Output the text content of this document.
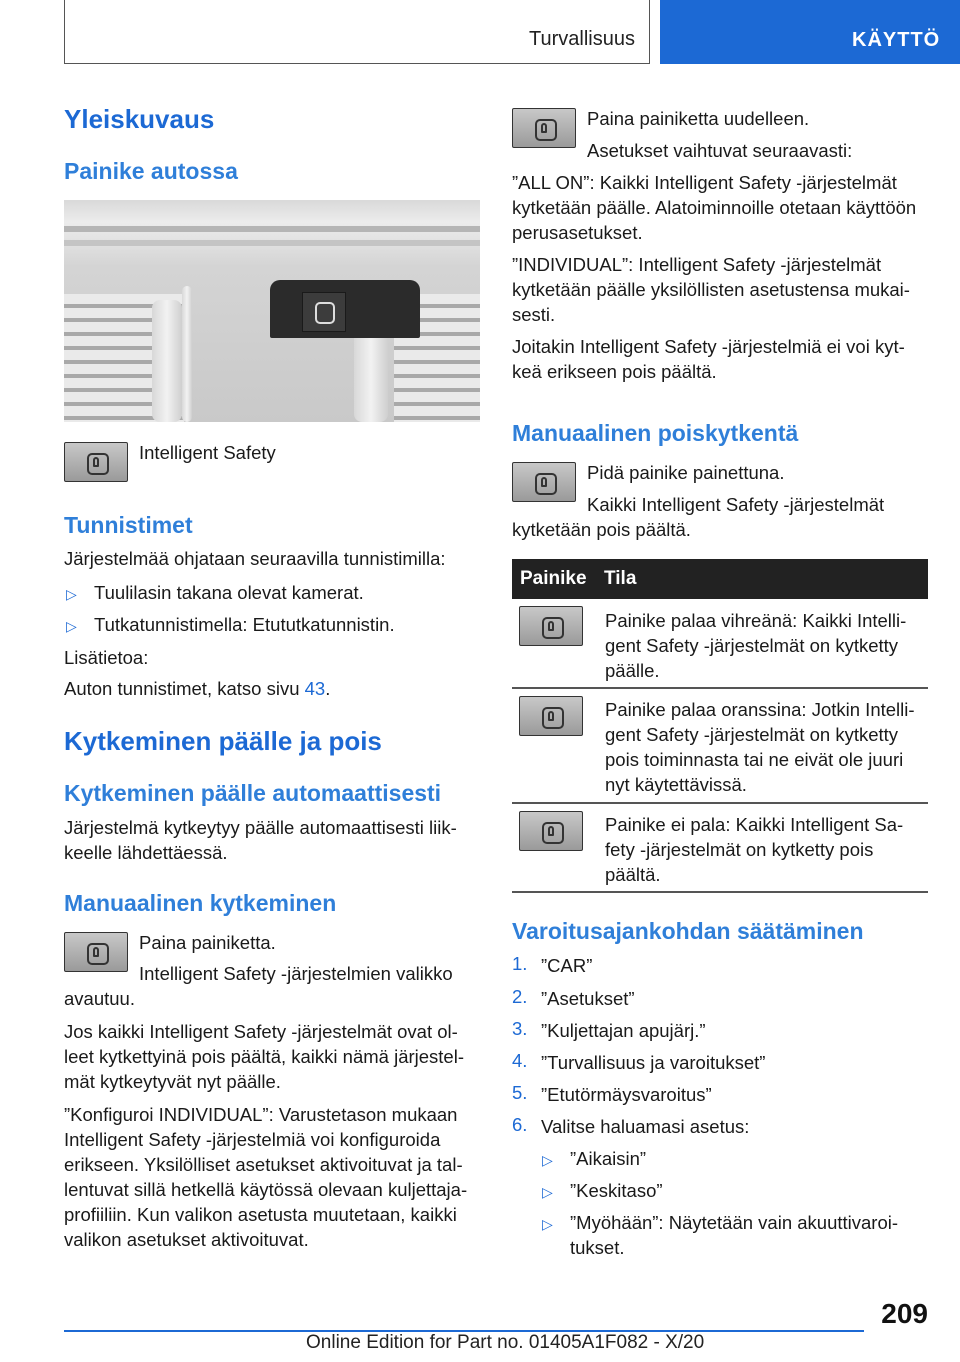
Turvallisuus	KÄYTTÖ
Yleiskuvaus
Painike autossa
Intelligent Safety
Tunnistimet
Järjestelmää ohjataan seuraavilla tunnistimilla:
▷ Tuulilasin takana olevat kamerat.
▷ Tutkatunnistimella: Etututkatunnistin.
Lisätietoa:
Auton tunnistimet, katso sivu 43.
Kytkeminen päälle ja pois
Kytkeminen päälle automaattisesti
Järjestelmä kytkeytyy päälle automaattisesti liik-
keelle lähdettäessä.
Manuaalinen kytkeminen
Paina painiketta.
Intelligent Safety -järjestelmien valikko
avautuu.
Jos kaikki Intelligent Safety -järjestelmät ovat ol-
leet kytkettyinä pois päältä, kaikki nämä järjestel-
mät kytkeytyvät nyt päälle.
”Konfiguroi INDIVIDUAL”: Varustetason mukaan
Intelligent Safety -järjestelmiä voi konfiguroida
erikseen. Yksilölliset asetukset aktivoituvat ja tal-
lentuvat sillä hetkellä käytössä olevaan kuljettaja-
profiiliin. Kun valikon asetusta muutetaan, kaikki
valikon asetukset aktivoituvat.
Paina painiketta uudelleen.
Asetukset vaihtuvat seuraavasti:
”ALL ON”: Kaikki Intelligent Safety -järjestelmät
kytketään päälle. Alatoiminnoille otetaan käyttöön
perusasetukset.
”INDIVIDUAL”: Intelligent Safety -järjestelmät
kytketään päälle yksilöllisten asetustensa mukai-
sesti.
Joitakin Intelligent Safety -järjestelmiä ei voi kyt-
keä erikseen pois päältä.
Manuaalinen poiskytkentä
Pidä painike painettuna.
Kaikki Intelligent Safety -järjestelmät
kytketään pois päältä.
Painike Tila
Painike palaa vihreänä: Kaikki Intelli-
gent Safety -järjestelmät on kytketty
päälle.
Painike palaa oranssina: Jotkin Intelli-
gent Safety -järjestelmät on kytketty
pois toiminnasta tai ne eivät ole juuri
nyt käytettävissä.
Painike ei pala: Kaikki Intelligent Sa-
fety -järjestelmät on kytketty pois
päältä.
Varoitusajankohdan säätäminen
1. ”CAR”
2. ”Asetukset”
3. ”Kuljettajan apujärj.”
4. ”Turvallisuus ja varoitukset”
5. ”Etutörmäysvaroitus”
6. Valitse haluamasi asetus:
▷ ”Aikaisin”
▷ ”Keskitaso”
▷ ”Myöhään”: Näytetään vain akuuttivaroi-
tukset.
209
Online Edition for Part no. 01405A1F082 - X/20
